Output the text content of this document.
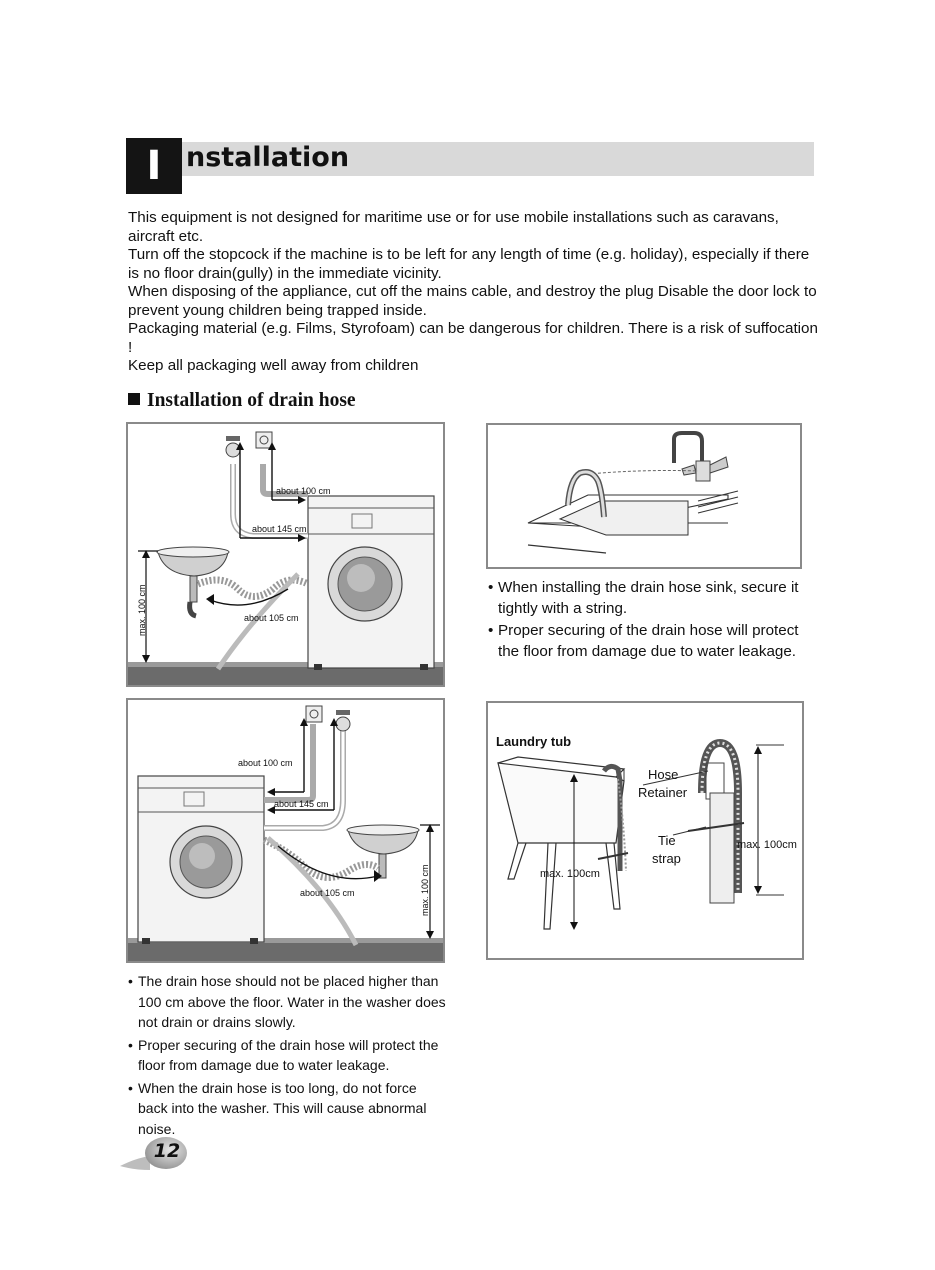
I nstallation

This equipment is not designed for maritime use or for use mobile installations such as caravans, aircraft etc.

Turn off the stopcock if the machine is to be left for any length of time (e.g. holiday), especially if there is no floor drain(gully) in the immediate vicinity.

When disposing of the appliance, cut off the mains cable, and destroy the plug Disable the door lock to prevent young children being trapped inside.

Packaging material (e.g. Films, Styrofoam) can be dangerous for children. There is a risk of suffocation !

Keep all packaging well away from children

Installation of drain hose
about 100 cm
about 145 cm
about 105 cm
max. 100 cm
•	When installing the drain hose sink, secure it tightly with a string.
• Proper securing of the drain hose will protect the floor from damage due to water leakage.
about 100 cm
about 145 cm
about 105 cm	max. 100 cm
Laundry tub
max. 100cm
Hose
Retainer
Tie
strap
max. 100cm
• The drain hose should not be placed higher than 100 cm above the floor. Water in the washer does not drain or drains slowly.
• Proper securing of the drain hose will protect the floor from damage due to water leakage.
• When the drain hose is too long, do not force back into the washer. This will cause abnormal noise.
12
